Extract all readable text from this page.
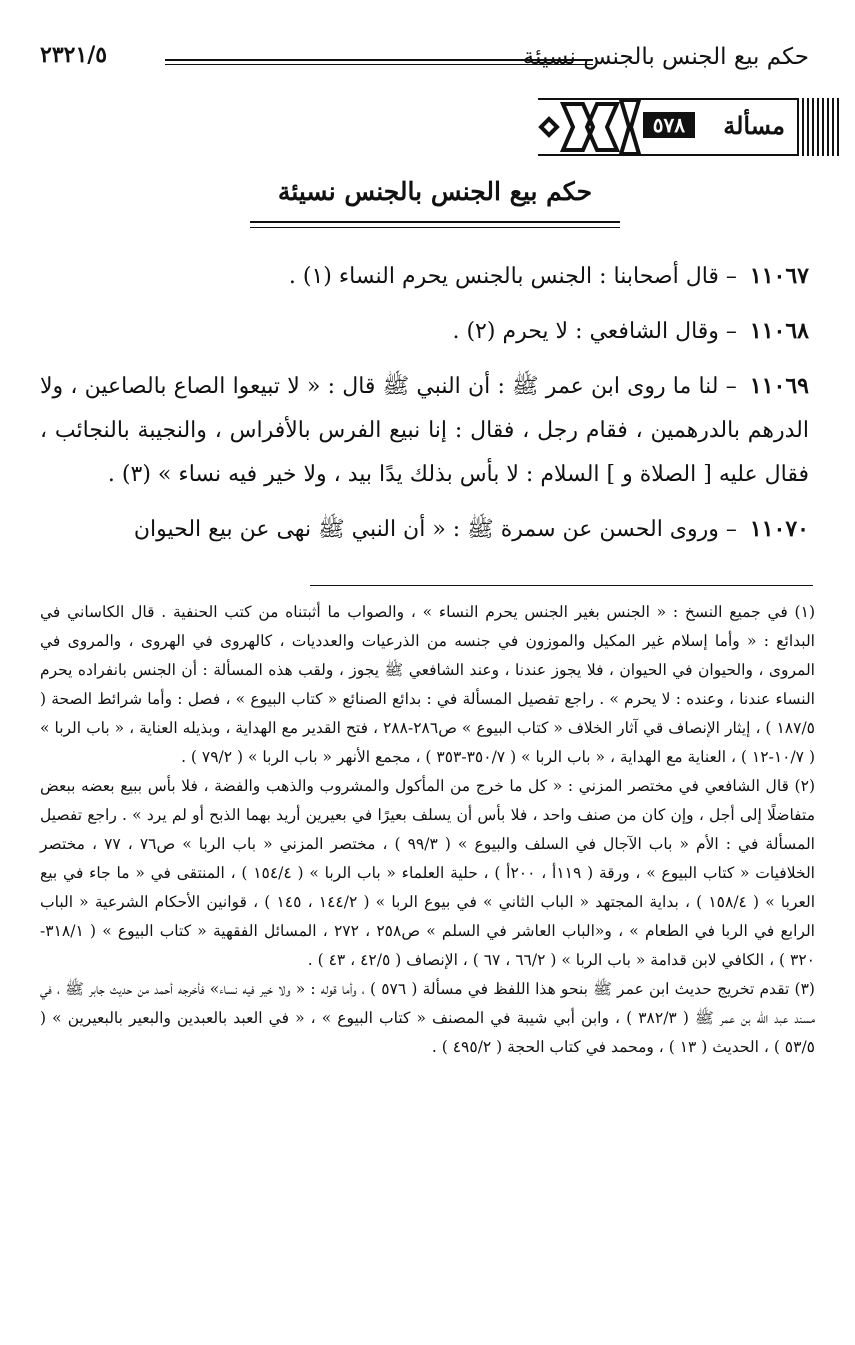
حكم بيع الجنس بالجنس نسيئة
٢٣٢١/٥
مسألة
٥٧٨
حكم بيع الجنس بالجنس نسيئة

١١٠٦٧ – قال أصحابنا : الجنس بالجنس يحرم النساء (١) .

١١٠٦٨ – وقال الشافعي : لا يحرم (٢) .

١١٠٦٩ – لنا ما روى ابن عمر ﷺ : أن النبي ﷺ قال : « لا تبيعوا الصاع بالصاعين ، ولا الدرهم بالدرهمين ، فقام رجل ، فقال : إنا نبيع الفرس بالأفراس ، والنجيبة بالنجائب ، فقال عليه [ الصلاة و ] السلام : لا بأس بذلك يدًا بيد ، ولا خير فيه نساء » (٣) .

١١٠٧٠ – وروى الحسن عن سمرة ﷺ : « أن النبي ﷺ نهى عن بيع الحيوان

(١) في جميع النسخ : « الجنس بغير الجنس يحرم النساء » ، والصواب ما أثبتناه من كتب الحنفية . قال الكاساني في البدائع : « وأما إسلام غير المكيل والموزون في جنسه من الذرعيات والعدديات ، كالهروى في الهروى ، والمروى في المروى ، والحيوان في الحيوان ، فلا يجوز عندنا ، وعند الشافعي ﷺ يجوز ، ولقب هذه المسألة : أن الجنس بانفراده يحرم النساء عندنا ، وعنده : لا يحرم » . راجع تفصيل المسألة في : بدائع الصنائع « كتاب البيوع » ، فصل : وأما شرائط الصحة ( ١٨٧/٥ ) ، إيثار الإنصاف قي آثار الخلاف « كتاب البيوع » ص٢٨٦-٢٨٨ ، فتح القدير مع الهداية ، وبذيله العناية ، « باب الربا » ( ١٠/٧-١٢ ) ، العناية مع الهداية ، « باب الربا » ( ٣٥٠/٧-٣٥٣ ) ، مجمع الأنهر « باب الربا » ( ٧٩/٢ ) .

(٢) قال الشافعي في مختصر المزني : « كل ما خرج من المأكول والمشروب والذهب والفضة ، فلا بأس ببيع بعضه ببعض متفاضلًا إلى أجل ، وإن كان من صنف واحد ، فلا بأس أن يسلف بعيرًا في بعيرين أريد بهما الذبح أو لم يرد » . راجع تفصيل المسألة في : الأم « باب الآجال في السلف والبيوع » ( ٩٩/٣ ) ، مختصر المزني « باب الربا » ص٧٦ ، ٧٧ ، مختصر الخلافيات « كتاب البيوع » ، ورقة ( ١١٩أ ، ٢٠٠أ ) ، حلية العلماء « باب الربا » ( ١٥٤/٤ ) ، المنتقى في « ما جاء في بيع العربا » ( ١٥٨/٤ ) ، بداية المجتهد « الباب الثاني » في بيوع الربا » ( ١٤٤/٢ ، ١٤٥ ) ، قوانين الأحكام الشرعية « الباب الرابع في الربا في الطعام » ، و«الباب العاشر في السلم » ص٢٥٨ ، ٢٧٢ ، المسائل الفقهية « كتاب البيوع » ( ٣١٨/١- ٣٢٠ ) ، الكافي لابن قدامة « باب الربا » ( ٦٦/٢ ، ٦٧ ) ، الإنصاف ( ٤٢/٥ ، ٤٣ ) .

(٣) تقدم تخريج حديث ابن عمر ﷺ بنحو هذا اللفظ في مسألة ( ٥٧٦ ) ، وأما قوله : « ولا خير فيه نساء» فأخرجه أحمد من حديث جابر ﷺ ، في مسند عبد الله بن عمر ﷺ ( ٣٨٢/٣ ) ، وابن أبي شيبة في المصنف « كتاب البيوع » ، « في العبد بالعبدين والبعير بالبعيرين » ( ٥٣/٥ ) ، الحديث ( ١٣ ) ، ومحمد في كتاب الحجة ( ٤٩٥/٢ ) .
